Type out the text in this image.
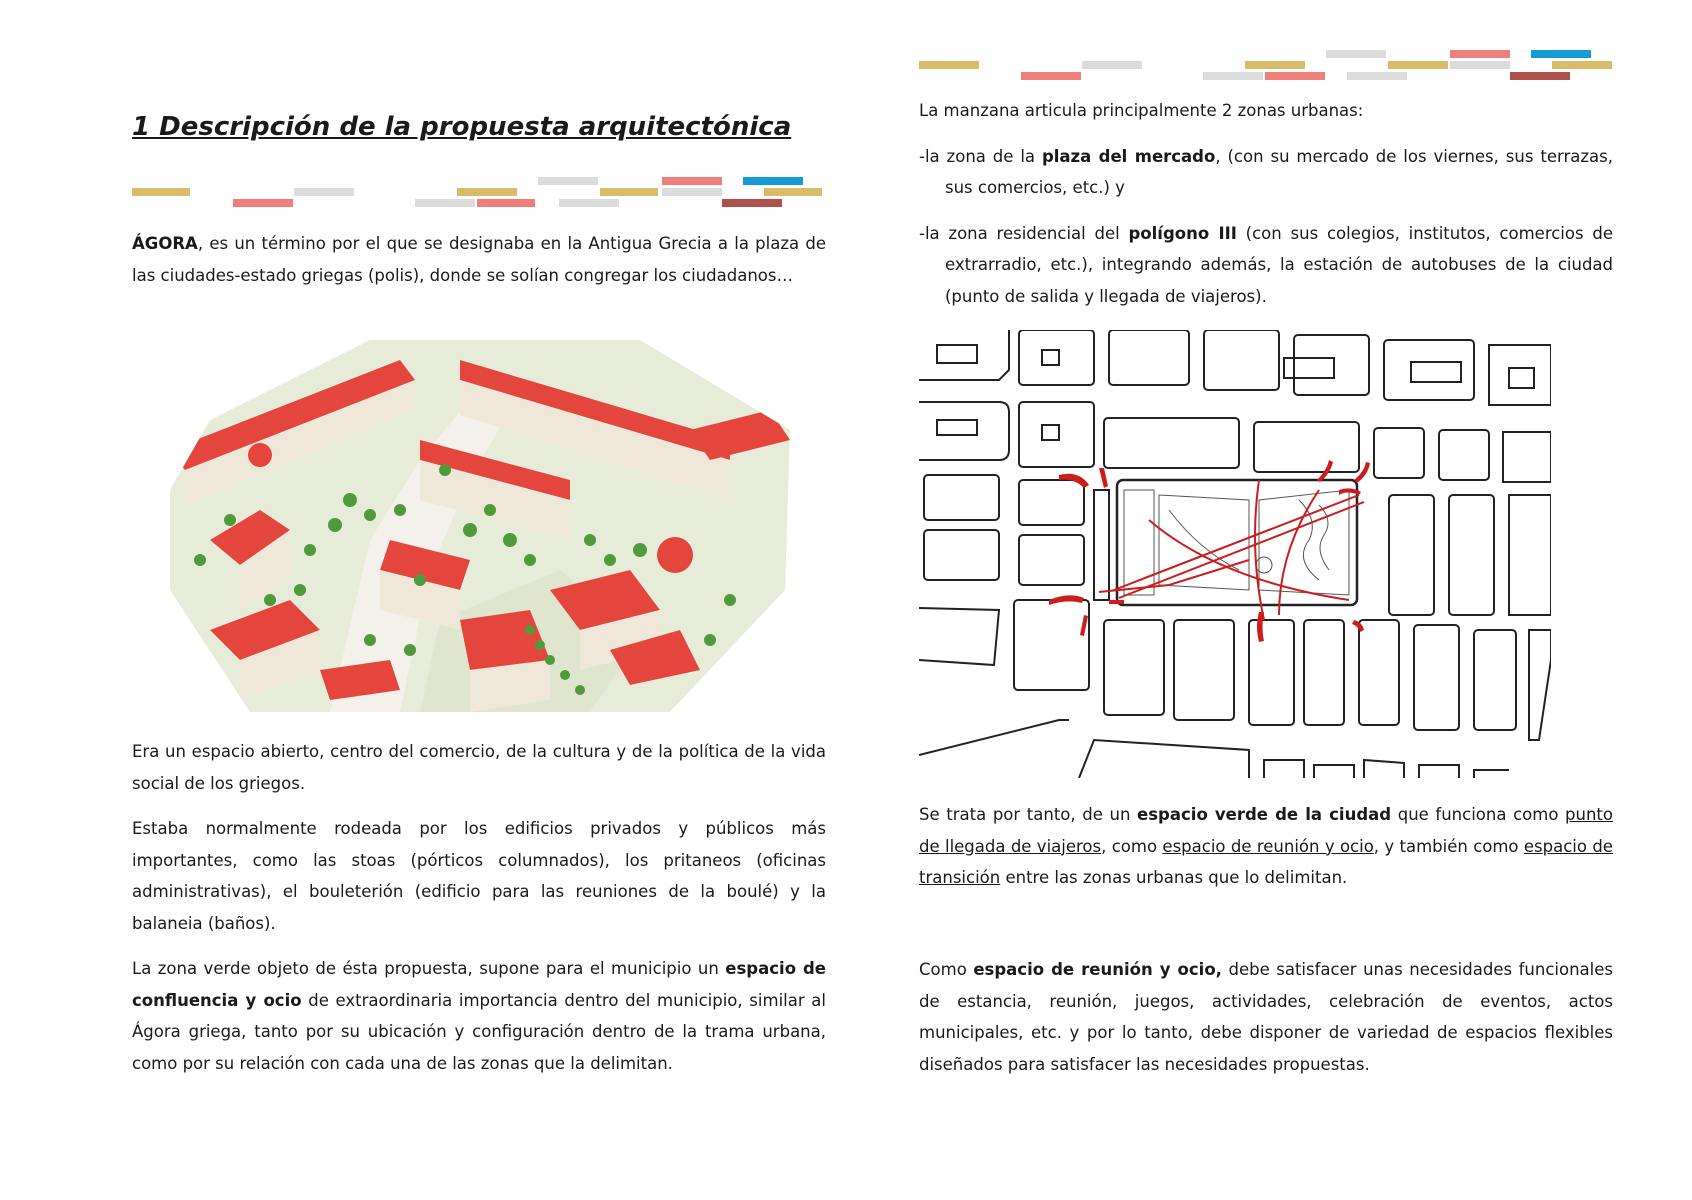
1 Descripción de la propuesta arquitectónica

ÁGORA, es un término por el que se designaba en la Antigua Grecia a la plaza de las ciudades-estado griegas (polis), donde se solían congregar los ciudadanos…

Era un espacio abierto, centro del comercio, de la cultura y de la política de la vida social de los griegos.

Estaba normalmente rodeada por los edificios privados y públicos más importantes, como las stoas (pórticos columnados), los pritaneos (oficinas administrativas), el bouleterión (edificio para las reuniones de la boulé) y la balaneia (baños).

La zona verde objeto de ésta propuesta, supone para el municipio un espacio de confluencia y ocio de extraordinaria importancia dentro del municipio, similar al Ágora griega, tanto por su ubicación y configuración dentro de la trama urbana, como por su relación con cada una de las zonas que la delimitan.

La manzana articula principalmente 2 zonas urbanas:

-la zona de la plaza del mercado, (con su mercado de los viernes, sus terrazas, sus comercios, etc.) y
-la zona residencial del polígono III (con sus colegios, institutos, comercios de extrarradio, etc.), integrando además, la estación de autobuses de la ciudad (punto de salida y llegada de viajeros).

Se trata por tanto, de un espacio verde de la ciudad que funciona como punto de llegada de viajeros, como espacio de reunión y ocio, y también como espacio de transición entre las zonas urbanas que lo delimitan.

Como espacio de reunión y ocio, debe satisfacer unas necesidades funcionales de estancia, reunión, juegos, actividades, celebración de eventos, actos municipales, etc. y por lo tanto, debe disponer de variedad de espacios flexibles diseñados para satisfacer las necesidades propuestas.
